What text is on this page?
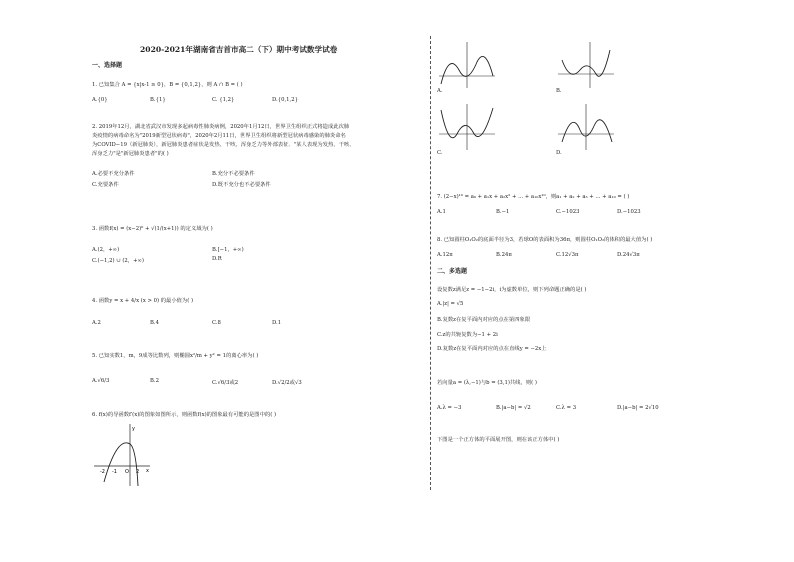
2020-2021年湖南省吉首市高二（下）期中考试数学试卷
一、选择题
1. 已知集合 A = {x|x-1 ≥ 0}，B = {0,1,2}，则 A ∩ B = ( )
A.{0}	B.{1}	C. {1,2}	D.{0,1,2}
2. 2019年12月，湖北省武汉市发现多起病毒性肺炎病例，2020年1月12日，世界卫生组织正式将造成此次肺
炎疫情的病毒命名为"2019新型冠状病毒"，2020年2月11日，世界卫生组织将新型冠状病毒感染的肺炎命名
为COVID−19（新冠肺炎），新冠肺炎患者症状是发热、干咳、浑身乏力等外部表征．"某人表现为发热、干咳、
浑身乏力"是"新冠肺炎患者"的( )
A.必要不充分条件	B.充分不必要条件
C.充要条件	D.既不充分也不必要条件
3. 函数f(x) = (x−2)⁰ + √(1/(x+1)) 的定义域为( )
A.(2，+∞)	B.[−1，+∞)
C.(−1,2) ∪ (2，+∞)	D.R
4. 函数y = x + 4/x (x > 0) 的最小值为( )
A.2	B.4	C.8	D.1
5. 已知实数1，m，9成等比数列，则椭圆x²/m + y² = 1的离心率为( )
A.√6/3	B.2	C.√6/3或2	D.√2/2或√3
6. f(x)的导函数f′(x)的图象如图所示，则函数f(x)的图象最有可能的是图中的( )
y
x
O
-2 -1	2
A.	B.
C.	D.
7. (2−x)¹⁰ = a₀ + a₁x + a₂x² + ... + a₁₀x¹⁰，则a₁ + a₂ + a₃ + ... + a₁₀ = ( )
A.1	B.−1	C.−1023	D.−1023
8. 已知圆柱O₁O₂的底面半径为3，若球O的表面积为36π，则圆柱O₁O₂的体积的最大值为( )
A.12π	B.24π	C.12√3π	D.24√3π
二、多选题
设复数z满足z = −1−2i，i为虚数单位，则下列命题正确的是( )
A.|z| = √5
B.复数z在复平面内对应的点在第四象限
C.z的共轭复数为−1 + 2i
D.复数z在复平面内对应的点在直线y = −2x上
若向量a = (λ,−1)与b = (3,1)共线，则( )
A.λ = −3	B.|a−b| = √2	C.λ = 3	D.|a−b| = 2√10
下图是一个正方体的平面展开图，则在该正方体中( )
